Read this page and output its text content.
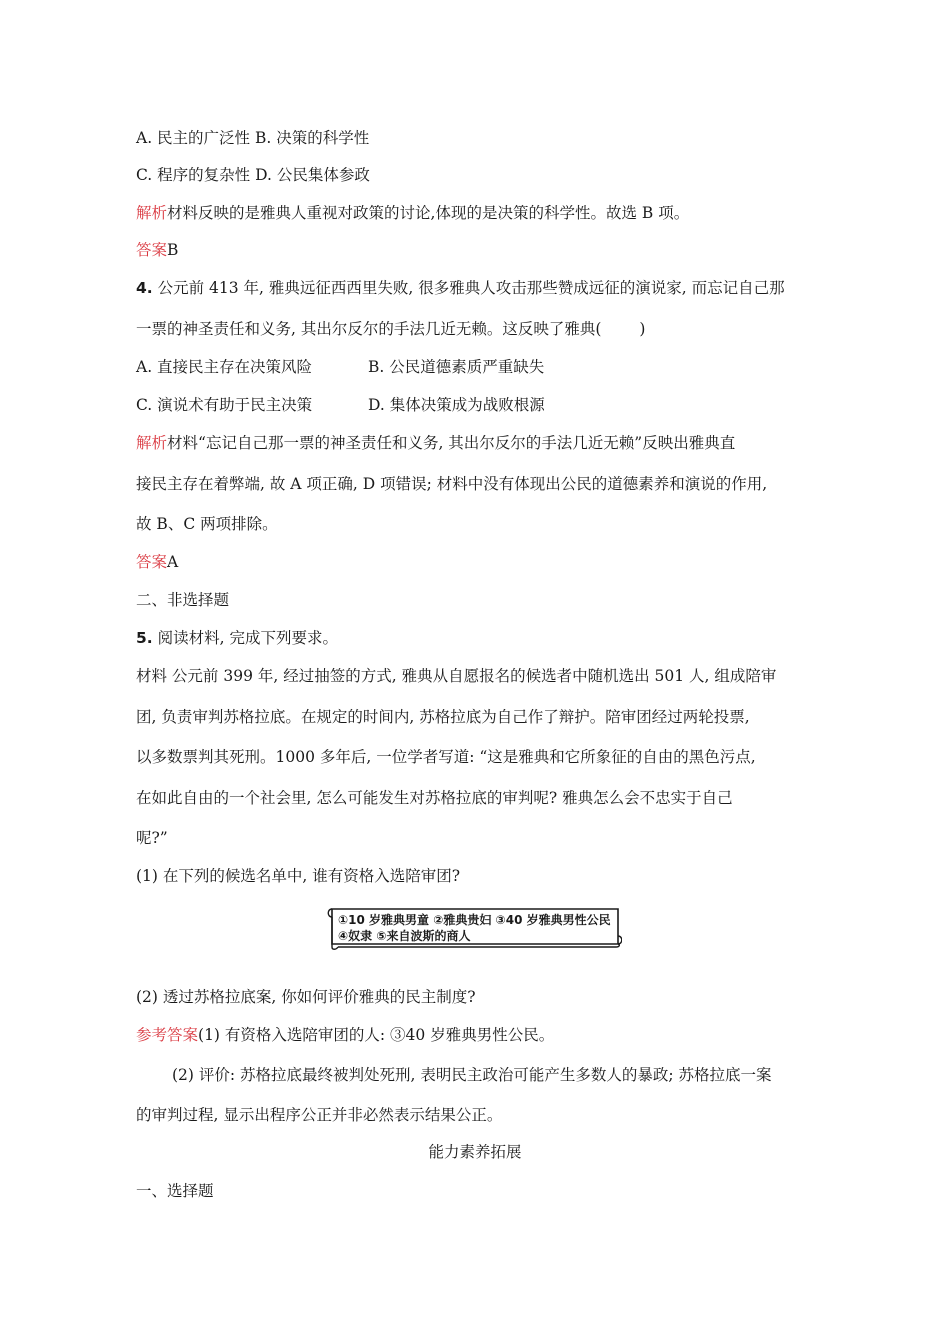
A. 民主的广泛性 B. 决策的科学性
C. 程序的复杂性 D. 公民集体参政
解析材料反映的是雅典人重视对政策的讨论,体现的是决策的科学性。故选 B 项。
答案B
4. 公元前 413 年, 雅典远征西西里失败, 很多雅典人攻击那些赞成远征的演说家, 而忘记自己那
一票的神圣责任和义务, 其出尔反尔的手法几近无赖。这反映了雅典( )
A. 直接民主存在决策风险	B. 公民道德素质严重缺失
C. 演说术有助于民主决策	D. 集体决策成为战败根源
解析材料“忘记自己那一票的神圣责任和义务, 其出尔反尔的手法几近无赖”反映出雅典直
接民主存在着弊端, 故 A 项正确, D 项错误; 材料中没有体现出公民的道德素养和演说的作用,
故 B、C 两项排除。
答案A
二、非选择题
5. 阅读材料, 完成下列要求。
材料 公元前 399 年, 经过抽签的方式, 雅典从自愿报名的候选者中随机选出 501 人, 组成陪审
团, 负责审判苏格拉底。在规定的时间内, 苏格拉底为自己作了辩护。陪审团经过两轮投票,
以多数票判其死刑。1000 多年后, 一位学者写道: “这是雅典和它所象征的自由的黑色污点,
在如此自由的一个社会里, 怎么可能发生对苏格拉底的审判呢? 雅典怎么会不忠实于自己
呢?”
(1) 在下列的候选名单中, 谁有资格入选陪审团?
①10 岁雅典男童 ②雅典贵妇 ③40 岁雅典男性公民
④奴隶 ⑤来自波斯的商人
(2) 透过苏格拉底案, 你如何评价雅典的民主制度?
参考答案(1) 有资格入选陪审团的人: ③40 岁雅典男性公民。
(2) 评价: 苏格拉底最终被判处死刑, 表明民主政治可能产生多数人的暴政; 苏格拉底一案
的审判过程, 显示出程序公正并非必然表示结果公正。
能力素养拓展
一、选择题
